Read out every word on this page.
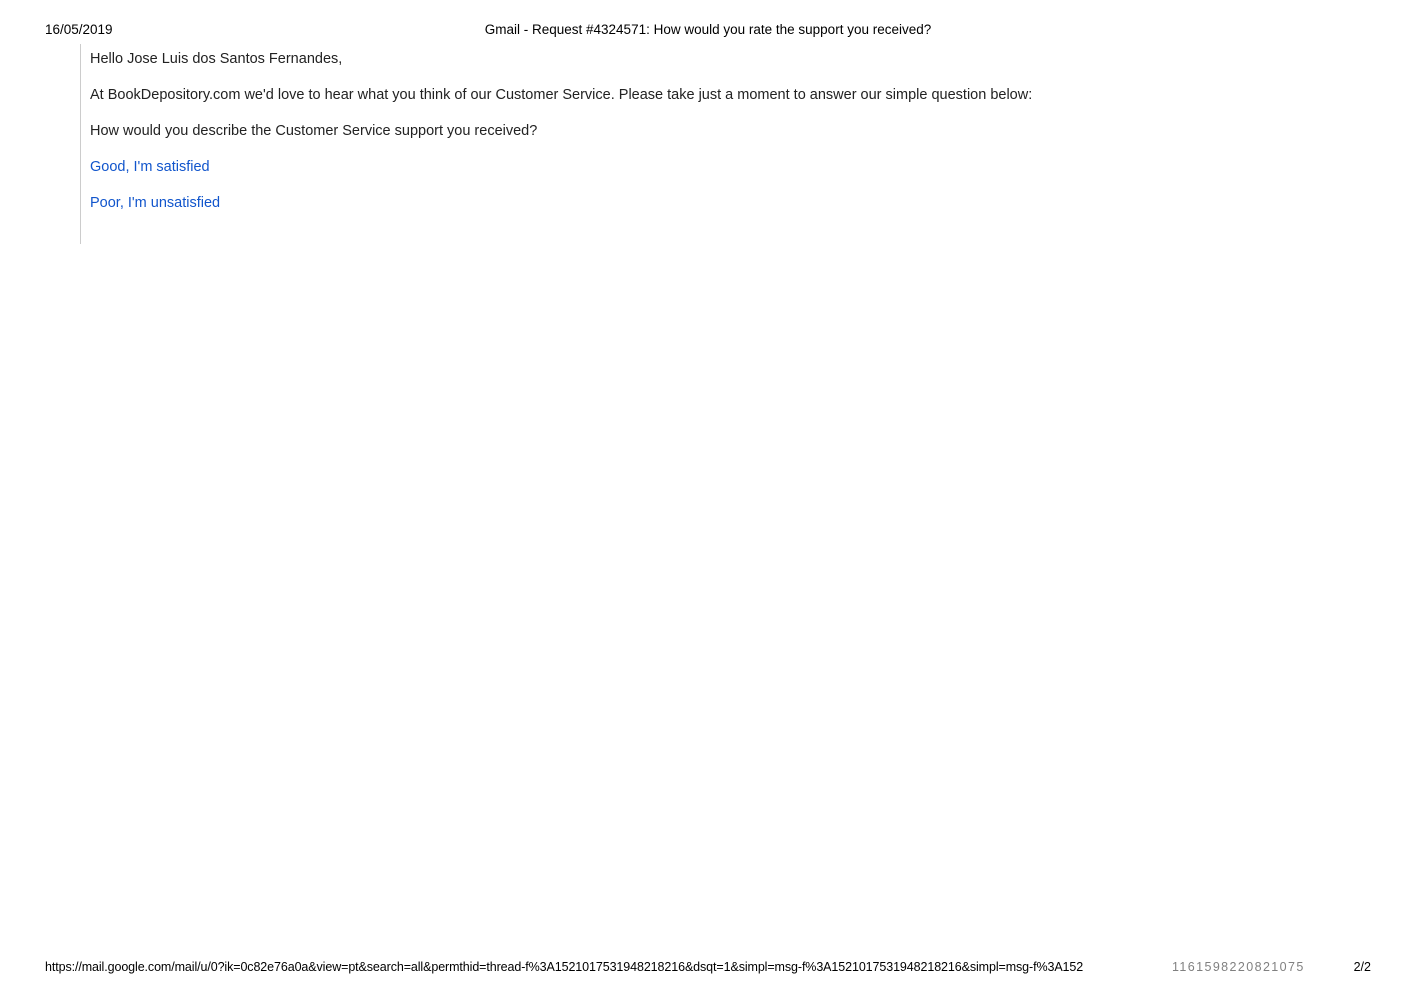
16/05/2019	Gmail - Request #4324571: How would you rate the support you received?

Hello Jose Luis dos Santos Fernandes,

At BookDepository.com we'd love to hear what you think of our Customer Service. Please take just a moment to answer our simple question below:

How would you describe the Customer Service support you received?

Good, I'm satisfied

Poor, I'm unsatisfied

https://mail.google.com/mail/u/0?ik=0c82e76a0a&view=pt&search=all&permthid=thread-f%3A1521017531948218216&dsqt=1&simpl=msg-f%3A1521017531948218216&simpl=msg-f%3A152	1161598220821075	2/2
